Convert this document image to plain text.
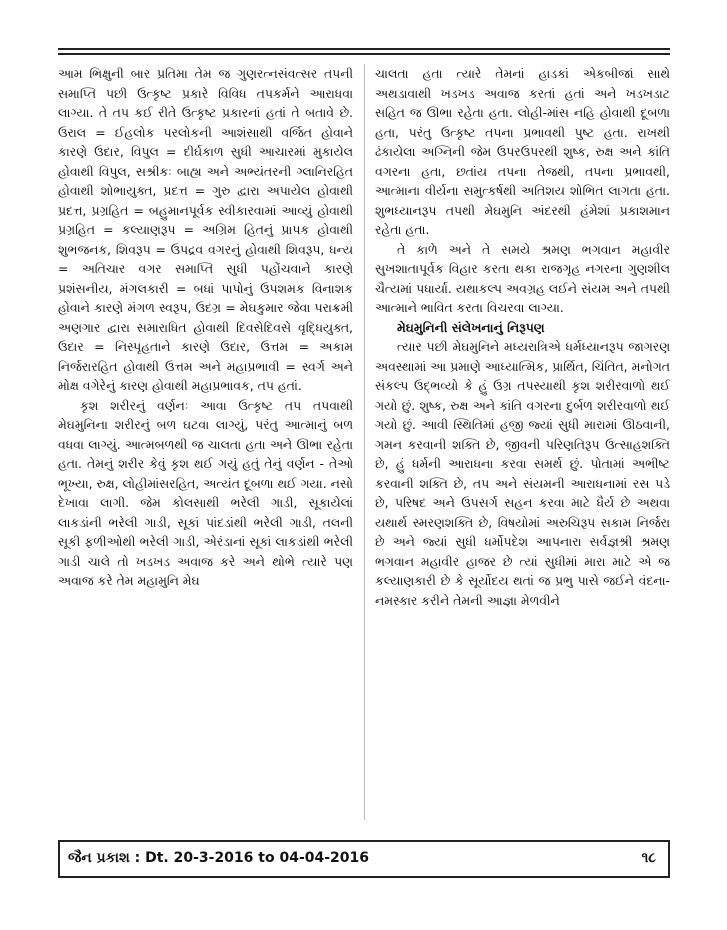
આમ ભિક્ષુની બાર પ્રતિમા તેમ જ ગુણરત્નસંવત્સર તપની સમાપ્તિ પછી ઉત્કૃષ્ટ પ્રકારે વિવિધ તપકર્મને આરાધવા લાગ્યા. તે તપ કઈ રીતે ઉત્કૃષ્ટ પ્રકારનાં હતાં તે બતાવે છે. ઉરાલ = ઈહલોક પરલોકની આશંસાથી વર્જિત હોવાને કારણે ઉદાર, વિપુલ = દીર્ઘકાળ સુધી આચારમાં મુકાયેલ હોવાથી વિપુલ, સશ્રીકઃ બાહ્ય અને અભ્યંતરની ગ્લાનિરહિત હોવાથી શોભાયુક્ત, પ્રદત્ત = ગુરુ દ્વારા અપાયેલ હોવાથી પ્રદત્ત, પ્રગ્રહિત = બહુમાનપૂર્વક સ્વીકારવામાં આવ્યું હોવાથી પ્રગ્રહિત = કલ્યાણરૂપ = અગ્રિમ હિતનું પ્રાપક હોવાથી શુભજનક, શિવરૂપ = ઉપદ્રવ વગરનું હોવાથી શિવરૂપ, ધન્ય = અતિચાર વગર સમાપ્તિ સુધી પહોંચવાને કારણે પ્રશંસનીય, મંગલકારી = બધાં પાપોનું ઉપશમક વિનાશક હોવાને કારણે મંગળ સ્વરૂપ, ઉદગ્ર = મેઘકુમાર જેવા પરાક્રમી અણગાર દ્વારા સમારાધિત હોવાથી દિવસેદિવસે વૃદ્ધિયુક્ત, ઉદાર = નિસ્પૃહતાને કારણે ઉદાર, ઉત્તમ = અકામ નિર્જરારહિત હોવાથી ઉત્તમ અને મહાપ્રભાવી = સ્વર્ગ અને મોક્ષ વગેરેનું કારણ હોવાથી મહાપ્રભાવક, તપ હતાં.

કૃશ શરીરનું વર્ણનઃ આવા ઉત્કૃષ્ટ તપ તપવાથી મેઘમુનિના શરીરનું બળ ઘટવા લાગ્યું, પરંતુ આત્માનું બળ વધવા લાગ્યું. આત્મબળથી જ ચાલતા હતા અને ઊભા રહેતા હતા. તેમનું શરીર કેવું કૃશ થઈ ગયું હતું તેનું વર્ણન - તેઓ ભૂખ્યા, રુક્ષ, લોહીમાંસરહિત, અત્યંત દૂબળા થઈ ગયા. નસો દેખાવા લાગી. જેમ કોલસાથી ભરેલી ગાડી, સૂકાયેલાં લાકડાંની ભરેલી ગાડી, સૂકાં પાંદડાંથી ભરેલી ગાડી, તલની સૂકી ફળીઓથી ભરેલી ગાડી, એરંડાનાં સૂકાં લાકડાંથી ભરેલી ગાડી ચાલે તો ખડખડ અવાજ કરે અને થોભે ત્યારે પણ અવાજ કરે તેમ મહામુનિ મેઘ

ચાલતા હતા ત્યારે તેમનાં હાડકાં એકબીજાં સાથે અથડાવાથી ખડખડ અવાજ કરતાં હતાં અને ખડખડાટ સહિત જ ઊભા રહેતા હતા. લોહી-માંસ નહિ હોવાથી દૂબળા હતા, પરંતુ ઉત્કૃષ્ટ તપના પ્રભાવથી પુષ્ટ હતા. રાખથી ઢંકાયેલા અગ્નિની જેમ ઉપરઉપરથી શુષ્ક, રુક્ષ અને કાંતિ વગરના હતા, છતાંય તપના તેજથી, તપના પ્રભાવથી, આત્માના વીર્યના સમુત્કર્ષથી અતિશય શોભિત લાગતા હતા. શુભધ્યાનરૂપ તપથી મેઘમુનિ અંદરથી હંમેશાં પ્રકાશમાન રહેતા હતા.

તે કાળે અને તે સમયે શ્રમણ ભગવાન મહાવીર સુખશાતાપૂર્વક વિહાર કરતા થકા રાજગૃહ નગરના ગુણશીલ ચૈત્યમાં પધાર્યા. યથાકલ્પ અવગ્રહ લઈને સંયમ અને તપથી આત્માને ભાવિત કરતા વિચરવા લાગ્યા.

મેઘમુનિની સંલેખનાનું નિરૂપણ

ત્યાર પછી મેઘમુનિને મધ્યરાત્રિએ ધર્મધ્યાનરૂપ જાગરણ અવસ્થામાં આ પ્રમાણે આધ્યાત્મિક, પ્રાર્થિત, ચિંતિત, મનોગત સંકલ્પ ઉદ્‌ભવ્યો કે હું ઉગ્ર તપસ્યાથી કૃશ શરીરવાળો થઈ ગયો છું. શુષ્ક, રુક્ષ અને કાંતિ વગરના દુર્બળ શરીરવાળો થઈ ગયો છું. આવી સ્થિતિમાં હજી જ્યાં સુધી મારામાં ઊઠવાની, ગમન કરવાની શક્તિ છે, જીવની પરિણતિરૂપ ઉત્સાહશક્તિ છે, હું ધર્મની આરાધના કરવા સમર્થ છું. પોતામાં અભીષ્ટ કરવાની શક્તિ છે, તપ અને સંયમની આરાધનામાં રસ પડે છે, પરિષદ અને ઉપસર્ગ સહન કરવા માટે ધૈર્ય છે અથવા યથાર્થ સ્મરણશક્તિ છે, વિષયોમાં અરુચિરૂપ સકામ નિર્જરા છે અને જ્યાં સુધી ધર્મોપદેશ આપનારા સર્વજ્ઞશ્રી શ્રમણ ભગવાન મહાવીર હાજર છે ત્યાં સુધીમાં મારા માટે એ જ કલ્યાણકારી છે કે સૂર્યોદય થતાં જ પ્રભુ પાસે જઈને વંદના-નમસ્કાર કરીને તેમની આજ્ઞા મેળવીને

જૈન પ્રકાશ : Dt. 20-3-2016 to 04-04-2016	૧૮
